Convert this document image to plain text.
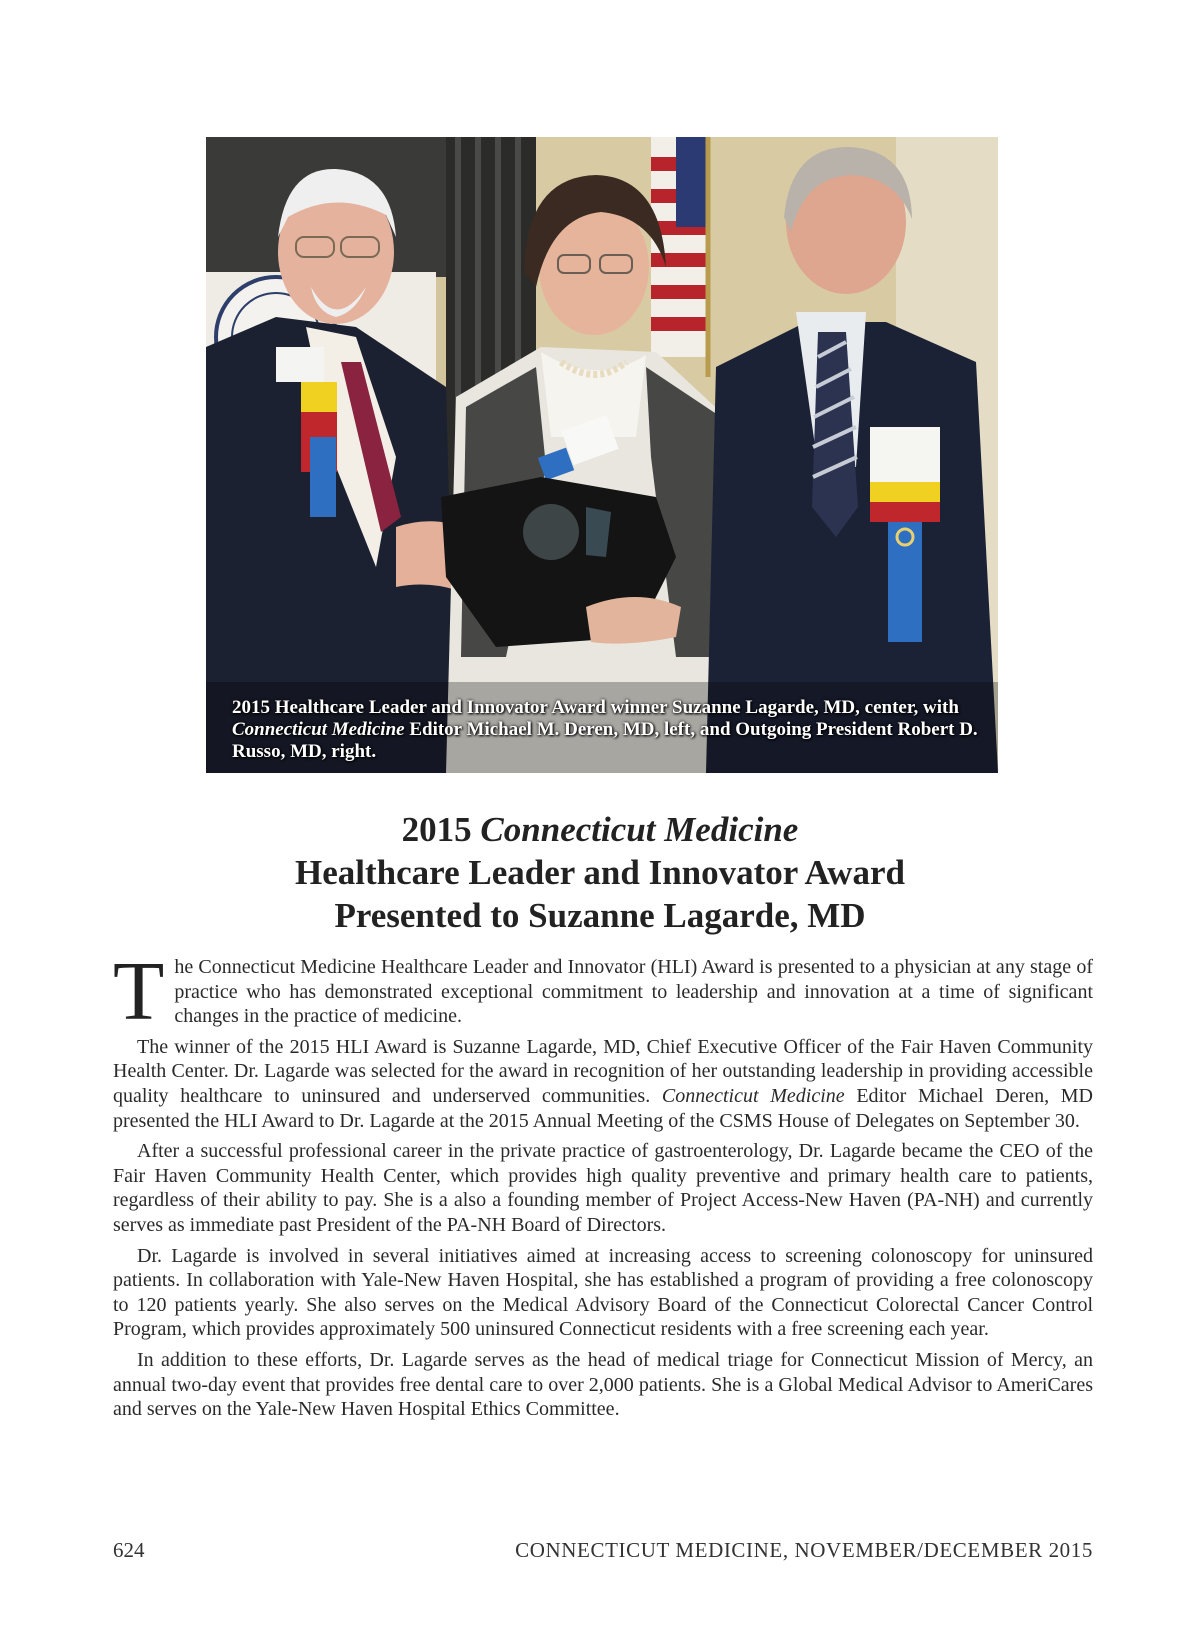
2015 Healthcare Leader and Innovator Award winner Suzanne Lagarde, MD, center, with Connecticut Medicine Editor Michael M. Deren, MD, left, and Outgoing President Robert D. Russo, MD, right.
2015 Connecticut Medicine
Healthcare Leader and Innovator Award
Presented to Suzanne Lagarde, MD

The Connecticut Medicine Healthcare Leader and Innovator (HLI) Award is presented to a physician at any stage of practice who has demonstrated exceptional commitment to leadership and innovation at a time of significant changes in the practice of medicine.

The winner of the 2015 HLI Award is Suzanne Lagarde, MD, Chief Executive Officer of the Fair Haven Community Health Center. Dr. Lagarde was selected for the award in recognition of her outstanding leadership in providing accessible quality healthcare to uninsured and underserved communities. Connecticut Medicine Editor Michael Deren, MD presented the HLI Award to Dr. Lagarde at the 2015 Annual Meeting of the CSMS House of Delegates on September 30.

After a successful professional career in the private practice of gastroenterology, Dr. Lagarde became the CEO of the Fair Haven Community Health Center, which provides high quality preventive and primary health care to patients, regardless of their ability to pay. She is a also a founding member of Project Access-New Haven (PA-NH) and currently serves as immediate past President of the PA-NH Board of Directors.

Dr. Lagarde is involved in several initiatives aimed at increasing access to screening colonoscopy for uninsured patients. In collaboration with Yale-New Haven Hospital, she has established a program of providing a free colonoscopy to 120 patients yearly. She also serves on the Medical Advisory Board of the Connecticut Colorectal Cancer Control Program, which provides approximately 500 uninsured Connecticut residents with a free screening each year.

In addition to these efforts, Dr. Lagarde serves as the head of medical triage for Connecticut Mission of Mercy, an annual two-day event that provides free dental care to over 2,000 patients. She is a Global Medical Advisor to AmeriCares and serves on the Yale-New Haven Hospital Ethics Committee.

624	CONNECTICUT MEDICINE, NOVEMBER/DECEMBER 2015
